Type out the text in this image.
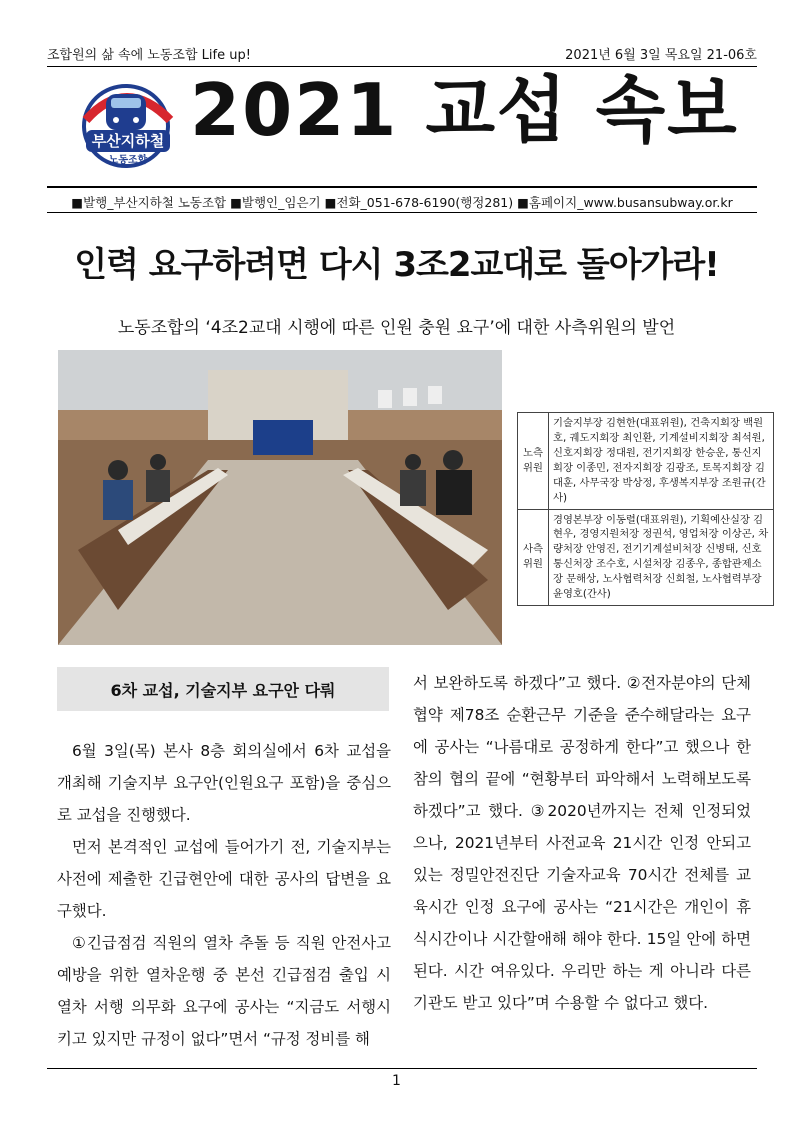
조합원의 삶 속에 노동조합 Life up!	2021년 6월 3일 목요일 21-06호
부산지하철
노동조합
2021 교섭 속보
■발행_부산지하철 노동조합 ■발행인_임은기 ■전화_051-678-6190(행정281) ■홈페이지_www.busansubway.or.kr
인력 요구하려면 다시 3조2교대로 돌아가라!
노동조합의 ‘4조2교대 시행에 따른 인원 충원 요구’에 대한 사측위원의 발언
노측
위원	기술지부장 김현한(대표위원), 건축지회장 백원호, 궤도지회장 최인환, 기계설비지회장 최석원, 신호지회장 정대원, 전기지회장 한승운, 통신지회장 이종민, 전자지회장 김광조, 토목지회장 김대훈, 사무국장 박상정, 후생복지부장 조원규(간사)
사측
위원	경영본부장 이동렬(대표위원), 기획예산실장 김현우, 경영지원처장 정권석, 영업처장 이상곤, 차량처장 안영진, 전기기계설비처장 신병태, 신호통신처장 조수호, 시설처장 김종우, 종합관제소장 문해상, 노사협력처장 신희철, 노사협력부장 윤영호(간사)
6차 교섭, 기술지부 요구안 다뤄

6월 3일(목) 본사 8층 회의실에서 6차 교섭을 개최해 기술지부 요구안(인원요구 포함)을 중심으로 교섭을 진행했다.

먼저 본격적인 교섭에 들어가기 전, 기술지부는 사전에 제출한 긴급현안에 대한 공사의 답변을 요구했다.

①긴급점검 직원의 열차 추돌 등 직원 안전사고 예방을 위한 열차운행 중 본선 긴급점검 출입 시 열차 서행 의무화 요구에 공사는 “지금도 서행시키고 있지만 규정이 없다”면서 “규정 정비를 해

서 보완하도록 하겠다”고 했다. ②전자분야의 단체협약 제78조 순환근무 기준을 준수해달라는 요구에 공사는 “나름대로 공정하게 한다”고 했으나 한참의 협의 끝에 “현황부터 파악해서 노력해보도록 하겠다”고 했다. ③2020년까지는 전체 인정되었으나, 2021년부터 사전교육 21시간 인정 안되고 있는 정밀안전진단 기술자교육 70시간 전체를 교육시간 인정 요구에 공사는 “21시간은 개인이 휴식시간이나 시간할애해 해야 한다. 15일 안에 하면 된다. 시간 여유있다. 우리만 하는 게 아니라 다른 기관도 받고 있다”며 수용할 수 없다고 했다.

1
